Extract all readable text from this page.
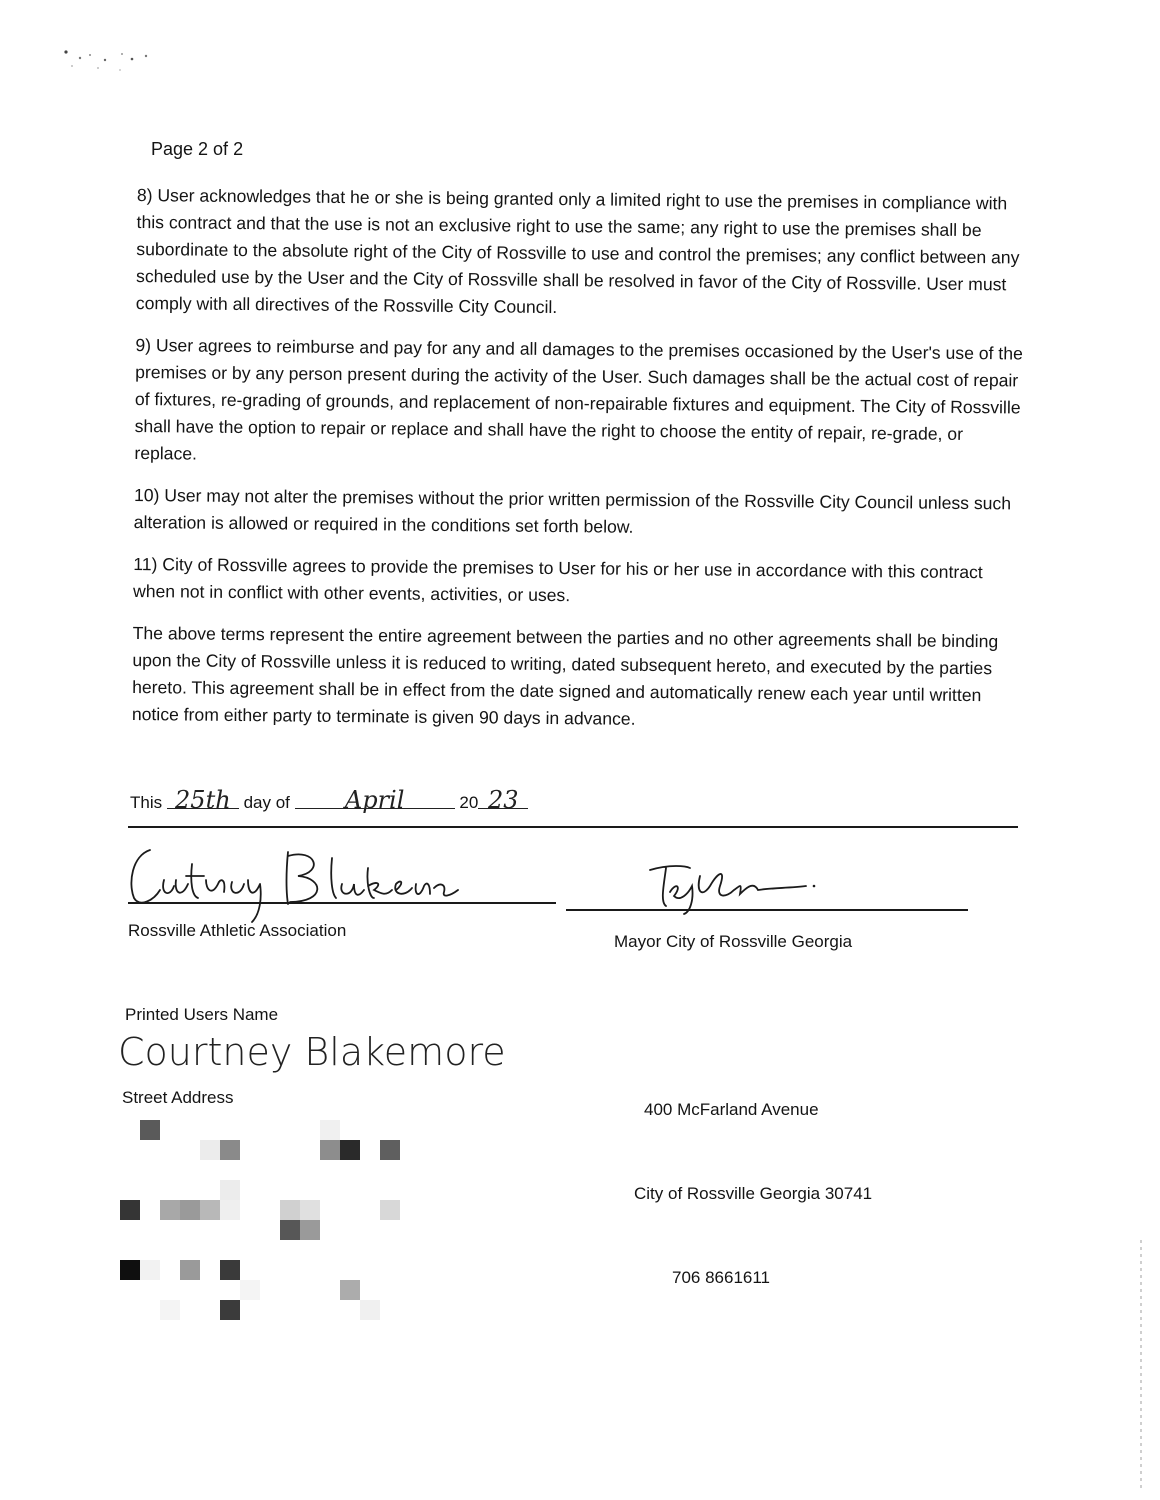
Page 2 of 2

8) User acknowledges that he or she is being granted only a limited right to use the premises in compliance with this contract and that the use is not an exclusive right to use the same; any right to use the premises shall be subordinate to the absolute right of the City of Rossville to use and control the premises; any conflict between any scheduled use by the User and the City of Rossville shall be resolved in favor of the City of Rossville. User must comply with all directives of the Rossville City Council.

9) User agrees to reimburse and pay for any and all damages to the premises occasioned by the User's use of the premises or by any person present during the activity of the User. Such damages shall be the actual cost of repair of fixtures, re-grading of grounds, and replacement of non-repairable fixtures and equipment. The City of Rossville shall have the option to repair or replace and shall have the right to choose the entity of repair, re-grade, or replace.

10) User may not alter the premises without the prior written permission of the Rossville City Council unless such alteration is allowed or required in the conditions set forth below.

11) City of Rossville agrees to provide the premises to User for his or her use in accordance with this contract when not in conflict with other events, activities, or uses.

The above terms represent the entire agreement between the parties and no other agreements shall be binding upon the City of Rossville unless it is reduced to writing, dated subsequent hereto, and executed by the parties hereto. This agreement shall be in effect from the date signed and automatically renew each year until written notice from either party to terminate is given 90 days in advance.

This 25th day of April	20 23
Rossville Athletic Association
Mayor City of Rossville Georgia
Printed Users Name
Courtney Blakemore
Street Address
400 McFarland Avenue
City of Rossville Georgia 30741
706 8661611
